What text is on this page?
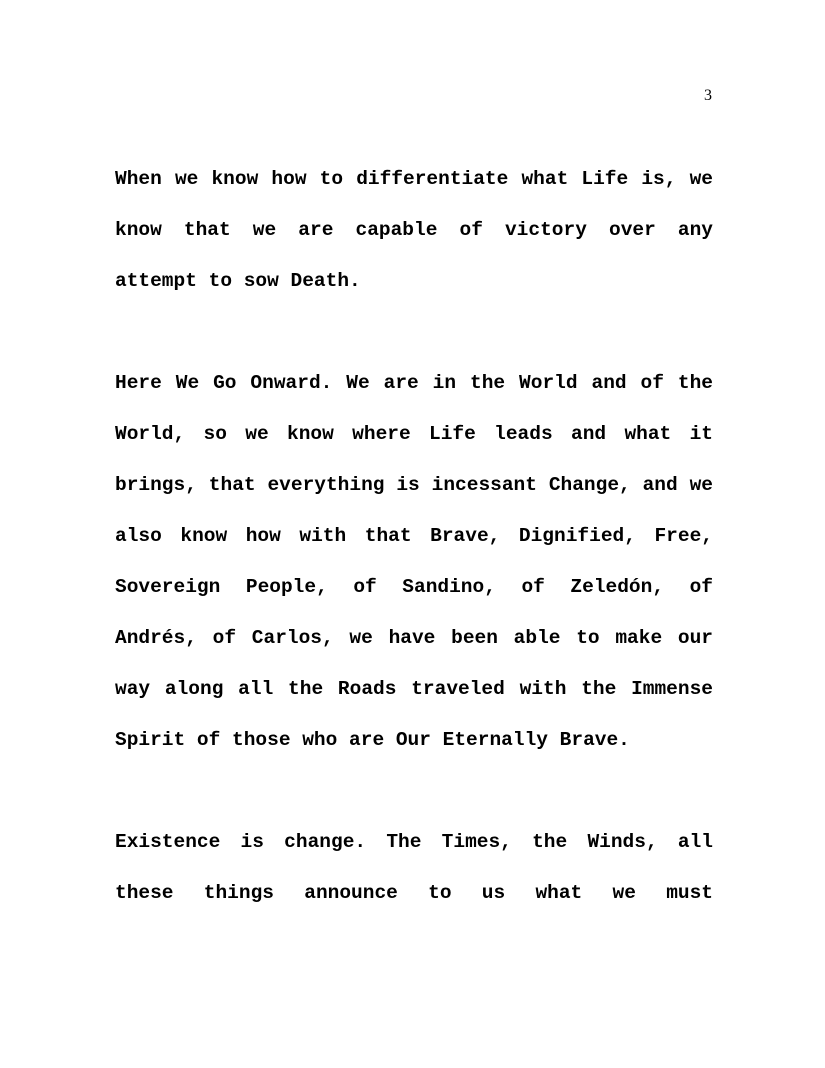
3

When we know how to differentiate what Life is, we know that we are capable of victory over any attempt to sow Death.

Here We Go Onward. We are in the World and of the World, so we know where Life leads and what it brings, that everything is incessant Change, and we also know how with that Brave, Dignified, Free, Sovereign People, of Sandino, of Zeledón, of Andrés, of Carlos, we have been able to make our way along all the Roads traveled with the Immense Spirit of those who are Our Eternally Brave.

Existence is change. The Times, the Winds, all these things announce to us what we must
